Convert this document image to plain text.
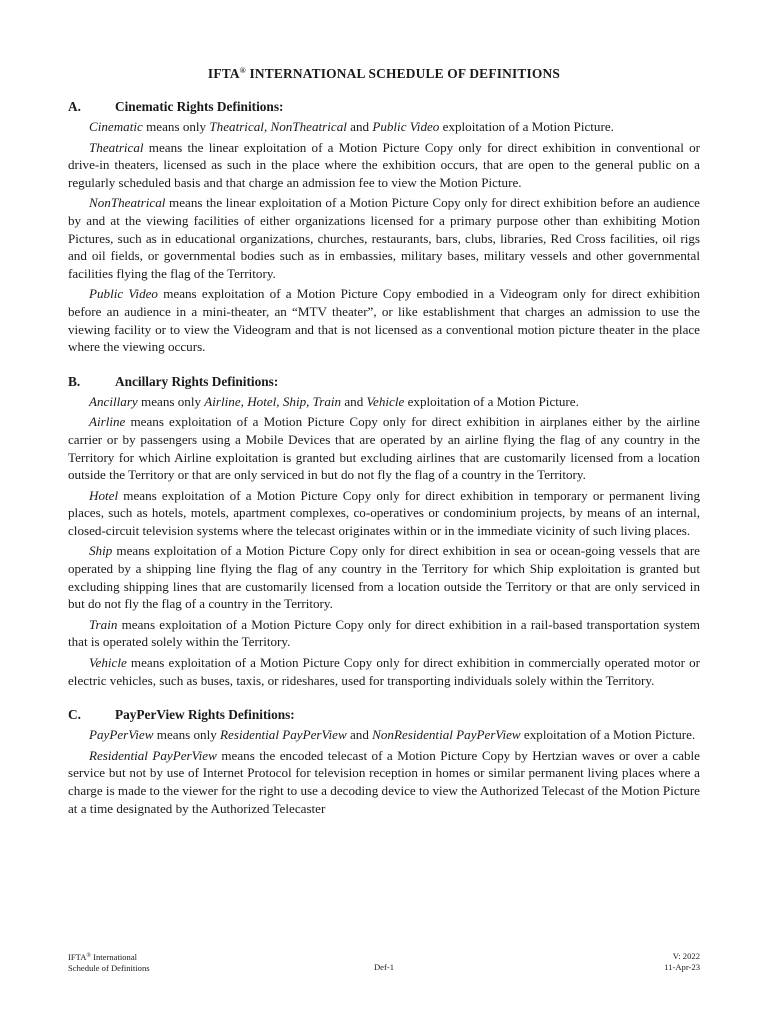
IFTA® INTERNATIONAL SCHEDULE OF DEFINITIONS
A.	Cinematic Rights Definitions:

Cinematic means only Theatrical, NonTheatrical and Public Video exploitation of a Motion Picture.

Theatrical means the linear exploitation of a Motion Picture Copy only for direct exhibition in conventional or drive-in theaters, licensed as such in the place where the exhibition occurs, that are open to the general public on a regularly scheduled basis and that charge an admission fee to view the Motion Picture.

NonTheatrical means the linear exploitation of a Motion Picture Copy only for direct exhibition before an audience by and at the viewing facilities of either organizations licensed for a primary purpose other than exhibiting Motion Pictures, such as in educational organizations, churches, restaurants, bars, clubs, libraries, Red Cross facilities, oil rigs and oil fields, or governmental bodies such as in embassies, military bases, military vessels and other governmental facilities flying the flag of the Territory.

Public Video means exploitation of a Motion Picture Copy embodied in a Videogram only for direct exhibition before an audience in a mini-theater, an “MTV theater”, or like establishment that charges an admission to use the viewing facility or to view the Videogram and that is not licensed as a conventional motion picture theater in the place where the viewing occurs.

B.	Ancillary Rights Definitions:

Ancillary means only Airline, Hotel, Ship, Train and Vehicle exploitation of a Motion Picture.

Airline means exploitation of a Motion Picture Copy only for direct exhibition in airplanes either by the airline carrier or by passengers using a Mobile Devices that are operated by an airline flying the flag of any country in the Territory for which Airline exploitation is granted but excluding airlines that are customarily licensed from a location outside the Territory or that are only serviced in but do not fly the flag of a country in the Territory.

Hotel means exploitation of a Motion Picture Copy only for direct exhibition in temporary or permanent living places, such as hotels, motels, apartment complexes, co-operatives or condominium projects, by means of an internal, closed-circuit television systems where the telecast originates within or in the immediate vicinity of such living places.

Ship means exploitation of a Motion Picture Copy only for direct exhibition in sea or ocean-going vessels that are operated by a shipping line flying the flag of any country in the Territory for which Ship exploitation is granted but excluding shipping lines that are customarily licensed from a location outside the Territory or that are only serviced in but do not fly the flag of a country in the Territory.

Train means exploitation of a Motion Picture Copy only for direct exhibition in a rail-based transportation system that is operated solely within the Territory.

Vehicle means exploitation of a Motion Picture Copy only for direct exhibition in commercially operated motor or electric vehicles, such as buses, taxis, or rideshares, used for transporting individuals solely within the Territory.

C.	PayPerView Rights Definitions:

PayPerView means only Residential PayPerView and NonResidential PayPerView exploitation of a Motion Picture.

Residential PayPerView means the encoded telecast of a Motion Picture Copy by Hertzian waves or over a cable service but not by use of Internet Protocol for television reception in homes or similar permanent living places where a charge is made to the viewer for the right to use a decoding device to view the Authorized Telecast of the Motion Picture at a time designated by the Authorized Telecaster

IFTA® International
Schedule of Definitions	Def-1
V: 2022
11-Apr-23
